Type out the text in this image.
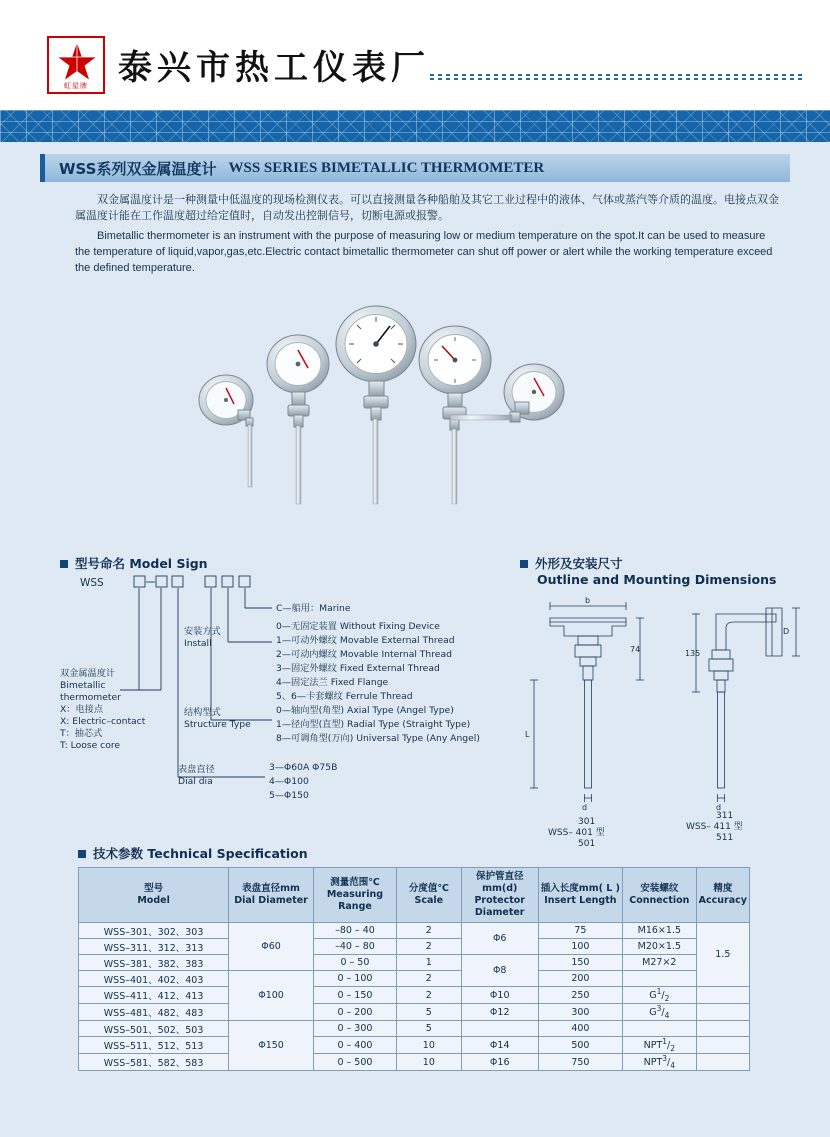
虹星牌 泰兴市热工仪表厂
WSS系列双金属温度计 WSS SERIES BIMETALLIC THERMOMETER
双金属温度计是一种测量中低温度的现场检测仪表。可以直接测量各种船舶及其它工业过程中的液体、气体或蒸汽等介质的温度。电接点双金属温度计能在工作温度超过给定值时，自动发出控制信号，切断电源或报警。
Bimetallic thermometer is an instrument with the purpose of measuring low or medium temperature on the spot.It can be used to measure the temperature of liquid,vapor,gas,etc.Electric contact bimetallic thermometer can shut off power or alert while the working temperature exceed the defined temperature.
型号命名 Model Sign
WSS
C—船用：Marine
安装方式
Install
0—无固定装置 Without Fixing Device
1—可动外螺纹 Movable External Thread
2—可动内螺纹 Movable Internal Thread
3—固定外螺纹 Fixed External Thread
4—固定法兰 Fixed Flange
5、6—卡套螺纹 Ferrule Thread
结构型式
Structure Type
0—轴向型(角型) Axial Type (Angel Type)
1—径向型(直型) Radial Type (Straight Type)
8—可调角型(万向) Universal Type (Any Angel)
表盘直径
Dial dia
3—Φ60A Φ75B
4—Φ100
5—Φ150
双金属温度计
Bimetallic
thermometer
X：电接点
X: Electric–contact
T：抽芯式
T: Loose core
外形及安装尺寸
Outline and Mounting Dimensions
b
D
L
d	d
74	135
301
WSS– 401 型
501
311
WSS– 411 型
511
技术参数 Technical Specification
型号
Model

表盘直径mm
Dial Diameter

测量范围℃
Measuring Range

分度值℃
Scale

保护管直径mm(d)
Protector Diameter

插入长度mm( L )
Insert Length

安装螺纹
Connection

精度
Accuracy

WSS–301、302、303	Φ60	–80 – 40	2	Φ6	75	M16×1.5	1.5
WSS–311、312、313		–40 – 80	2		100	M20×1.5	
WSS–381、382、383		0 – 50	1	Φ8	150	M27×2	
WSS–401、402、403	Φ100	0 – 100	2		200		
WSS–411、412、413		0 – 150	2	Φ10	250	$G^1/_2$	
WSS–481、482、483		0 – 200	5	Φ12	300	$G^3/_4$	
WSS–501、502、503	Φ150	0 – 300	5		400		
WSS–511、512、513		0 – 400	10	Φ14	500	$NPT^1/_2$	
WSS–581、582、583		0 – 500	10	Φ16	750	$NPT^3/_4$	
